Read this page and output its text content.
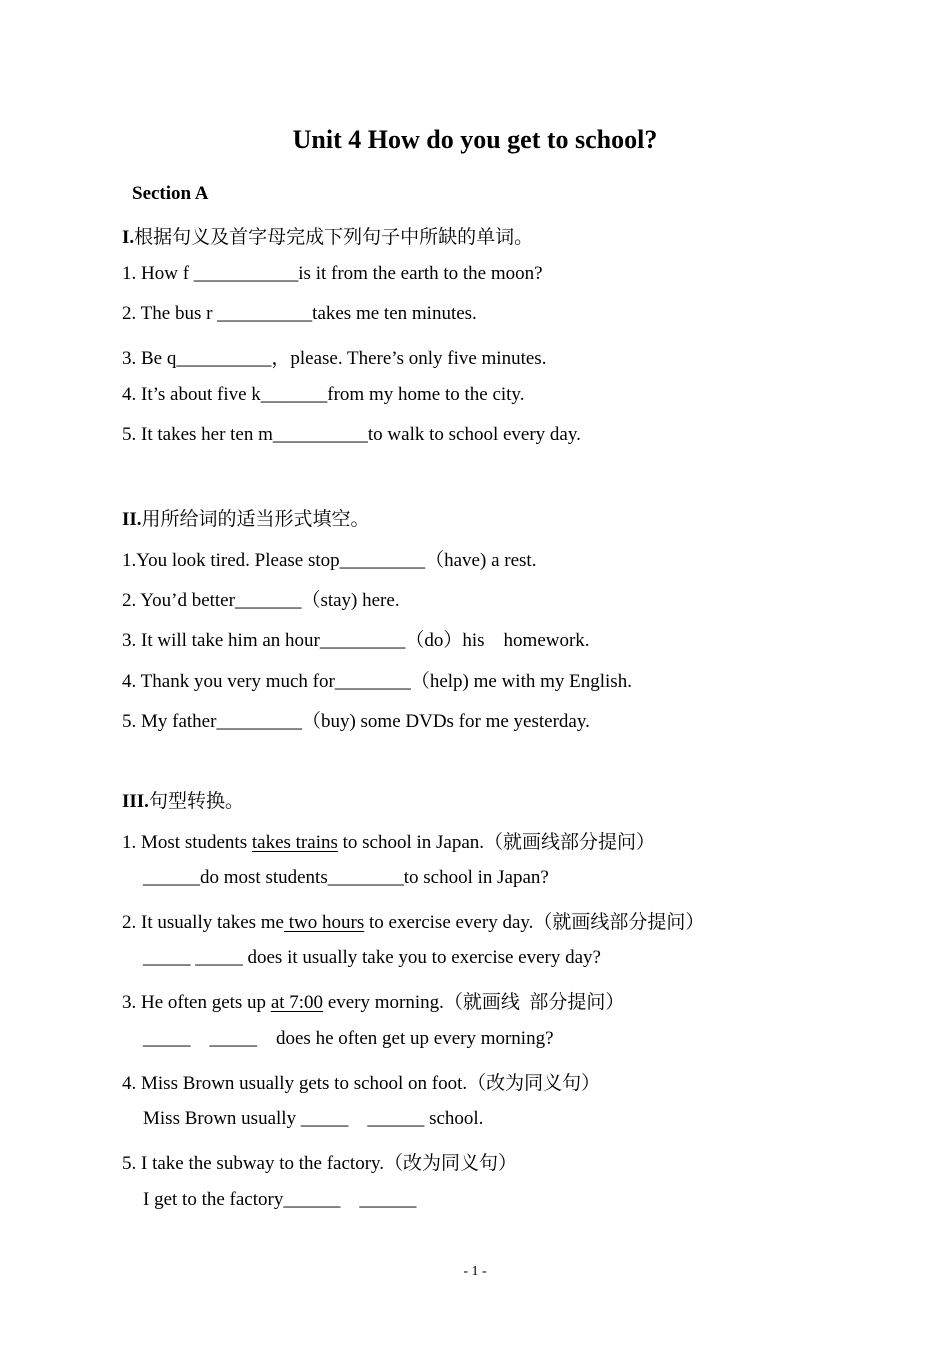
Unit 4 How do you get to school?
Section A
I.根据句义及首字母完成下列句子中所缺的单词。
1. How f ___________is it from the earth to the moon?
2. The bus r __________takes me ten minutes.
3. Be q__________，please. There’s only five minutes.
4. It’s about five k_______from my home to the city.
5. It takes her ten m__________to walk to school every day.
II.用所给词的适当形式填空。
1.You look tired. Please stop_________（have) a rest.
2. You’d better_______（stay) here.
3. It will take him an hour_________（do）his    homework.
4. Thank you very much for________（help) me with my English.
5. My father_________（buy) some DVDs for me yesterday.
III.句型转换。
1. Most students takes trains to school in Japan.（就画线部分提问）
______do most students________to school in Japan?
2. It usually takes me two hours to exercise every day.（就画线部分提问）
_____ _____ does it usually take you to exercise every day?
3. He often gets up at 7:00 every morning.（就画线  部分提问）
_____    _____    does he often get up every morning?
4. Miss Brown usually gets to school on foot.（改为同义句）
Miss Brown usually _____    ______ school.
5. I take the subway to the factory.（改为同义句）
I get to the factory______    ______
- 1 -
